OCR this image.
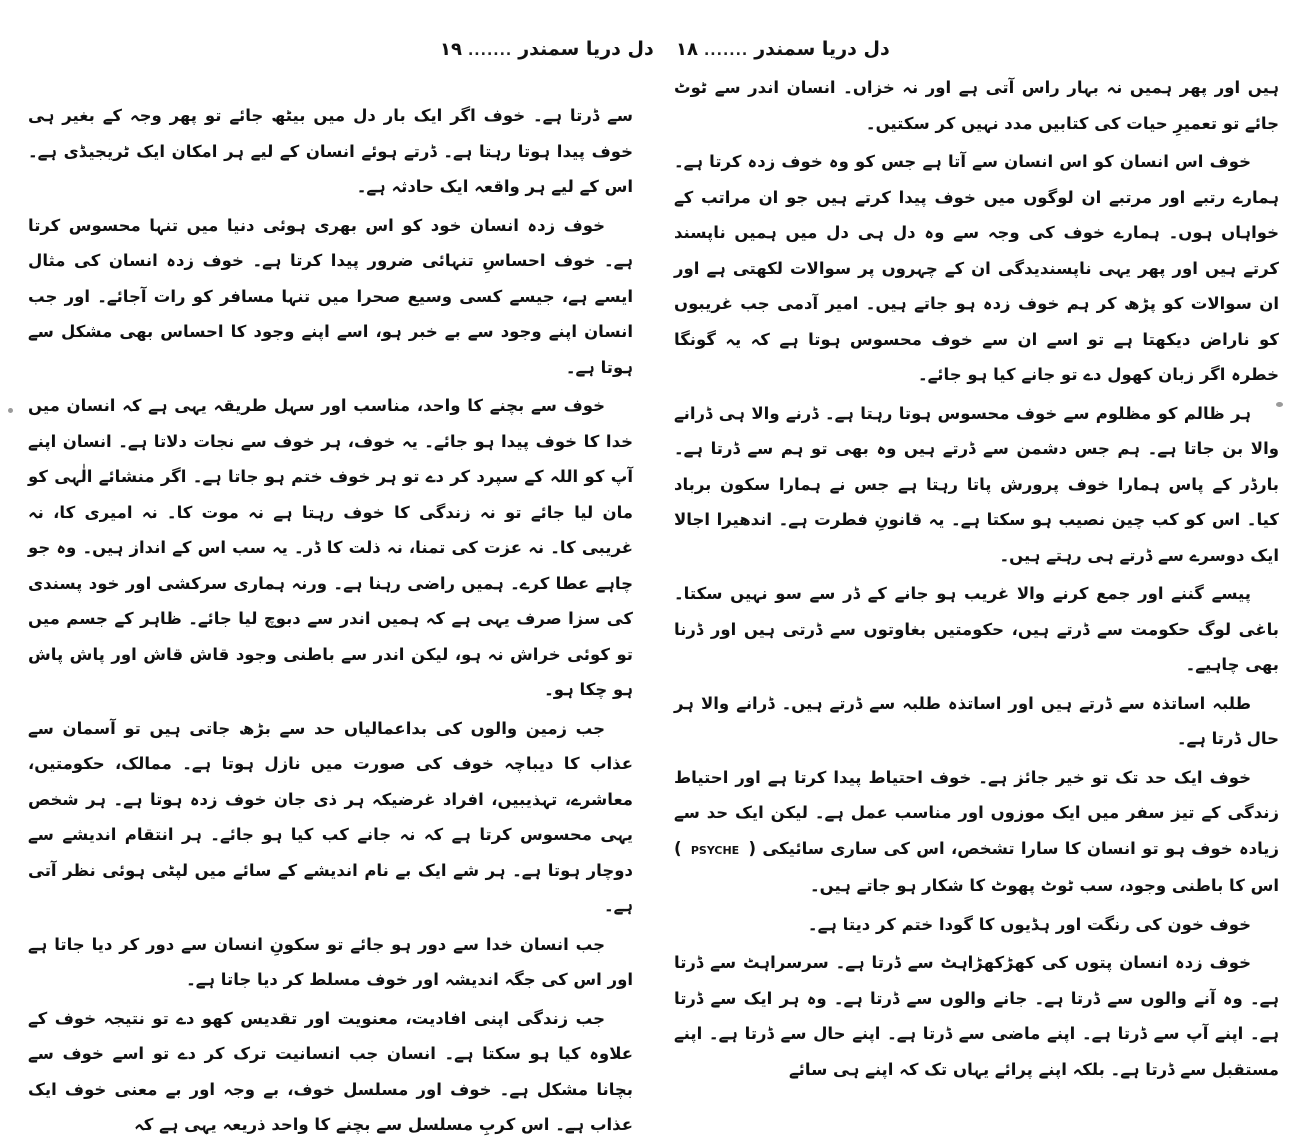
دل دریا سمندر
.......
۱۹

سے ڈرتا ہے۔ خوف اگر ایک بار دل میں بیٹھ جائے تو پھر وجہ کے بغیر ہی خوف پیدا ہوتا رہتا ہے۔ ڈرتے ہوئے انسان کے لیے ہر امکان ایک ٹریجیڈی ہے۔ اس کے لیے ہر واقعہ ایک حادثہ ہے۔

خوف زدہ انسان خود کو اس بھری ہوئی دنیا میں تنہا محسوس کرتا ہے۔ خوف احساسِ تنہائی ضرور پیدا کرتا ہے۔ خوف زدہ انسان کی مثال ایسے ہے، جیسے کسی وسیع صحرا میں تنہا مسافر کو رات آجائے۔ اور جب انسان اپنے وجود سے بے خبر ہو، اسے اپنے وجود کا احساس بھی مشکل سے ہوتا ہے۔

خوف سے بچنے کا واحد، مناسب اور سہل طریقہ یہی ہے کہ انسان میں خدا کا خوف پیدا ہو جائے۔ یہ خوف، ہر خوف سے نجات دلاتا ہے۔ انسان اپنے آپ کو اللہ کے سپرد کر دے تو ہر خوف ختم ہو جاتا ہے۔ اگر منشائے الٰہی کو مان لیا جائے تو نہ زندگی کا خوف رہتا ہے نہ موت کا۔ نہ امیری کا، نہ غریبی کا۔ نہ عزت کی تمنا، نہ ذلت کا ڈر۔ یہ سب اس کے انداز ہیں۔ وہ جو چاہے عطا کرے۔ ہمیں راضی رہنا ہے۔ ورنہ ہماری سرکشی اور خود پسندی کی سزا صرف یہی ہے کہ ہمیں اندر سے دبوچ لیا جائے۔ ظاہر کے جسم میں تو کوئی خراش نہ ہو، لیکن اندر سے باطنی وجود قاش قاش اور پاش پاش ہو چکا ہو۔

جب زمین والوں کی بداعمالیاں حد سے بڑھ جاتی ہیں تو آسمان سے عذاب کا دیباچہ خوف کی صورت میں نازل ہوتا ہے۔ ممالک، حکومتیں، معاشرے، تہذیبیں، افراد غرضیکہ ہر ذی جان خوف زدہ ہوتا ہے۔ ہر شخص یہی محسوس کرتا ہے کہ نہ جانے کب کیا ہو جائے۔ ہر انتقام اندیشے سے دوچار ہوتا ہے۔ ہر شے ایک بے نام اندیشے کے سائے میں لپٹی ہوئی نظر آتی ہے۔

جب انسان خدا سے دور ہو جائے تو سکونِ انسان سے دور کر دیا جاتا ہے اور اس کی جگہ اندیشہ اور خوف مسلط کر دیا جاتا ہے۔

جب زندگی اپنی افادیت، معنویت اور تقدیس کھو دے تو نتیجہ خوف کے علاوہ کیا ہو سکتا ہے۔ انسان جب انسانیت ترک کر دے تو اسے خوف سے بچانا مشکل ہے۔ خوف اور مسلسل خوف، بے وجہ اور بے معنی خوف ایک عذاب ہے۔ اس کربِ مسلسل سے بچنے کا واحد ذریعہ یہی ہے کہ

دل دریا سمندر
.......
۱۸

ہیں اور پھر ہمیں نہ بہار راس آتی ہے اور نہ خزاں۔ انسان اندر سے ٹوٹ جائے تو تعمیرِ حیات کی کتابیں مدد نہیں کر سکتیں۔

خوف اس انسان کو اس انسان سے آتا ہے جس کو وہ خوف زدہ کرتا ہے۔ ہمارے رتبے اور مرتبے ان لوگوں میں خوف پیدا کرتے ہیں جو ان مراتب کے خواہاں ہوں۔ ہمارے خوف کی وجہ سے وہ دل ہی دل میں ہمیں ناپسند کرتے ہیں اور پھر یہی ناپسندیدگی ان کے چہروں پر سوالات لکھتی ہے اور ان سوالات کو پڑھ کر ہم خوف زدہ ہو جاتے ہیں۔ امیر آدمی جب غریبوں کو ناراض دیکھتا ہے تو اسے ان سے خوف محسوس ہوتا ہے کہ یہ گونگا خطرہ اگر زبان کھول دے تو جانے کیا ہو جائے۔

ہر ظالم کو مظلوم سے خوف محسوس ہوتا رہتا ہے۔ ڈرنے والا ہی ڈرانے والا بن جاتا ہے۔ ہم جس دشمن سے ڈرتے ہیں وہ بھی تو ہم سے ڈرتا ہے۔ بارڈر کے پاس ہمارا خوف پرورش پاتا رہتا ہے جس نے ہمارا سکون برباد کیا۔ اس کو کب چین نصیب ہو سکتا ہے۔ یہ قانونِ فطرت ہے۔ اندھیرا اجالا ایک دوسرے سے ڈرتے ہی رہتے ہیں۔

پیسے گننے اور جمع کرنے والا غریب ہو جانے کے ڈر سے سو نہیں سکتا۔ باغی لوگ حکومت سے ڈرتے ہیں، حکومتیں بغاوتوں سے ڈرتی ہیں اور ڈرنا بھی چاہیے۔

طلبہ اساتذہ سے ڈرتے ہیں اور اساتذہ طلبہ سے ڈرتے ہیں۔ ڈرانے والا ہر حال ڈرتا ہے۔

خوف ایک حد تک تو خیر جائز ہے۔ خوف احتیاط پیدا کرتا ہے اور احتیاط زندگی کے تیز سفر میں ایک موزوں اور مناسب عمل ہے۔ لیکن ایک حد سے زیادہ خوف ہو تو انسان کا سارا تشخص، اس کی ساری سائیکی ( PSYCHE ) اس کا باطنی وجود، سب ٹوٹ پھوٹ کا شکار ہو جاتے ہیں۔

خوف خون کی رنگت اور ہڈیوں کا گودا ختم کر دیتا ہے۔

خوف زدہ انسان پتوں کی کھڑکھڑاہٹ سے ڈرتا ہے۔ سرسراہٹ سے ڈرتا ہے۔ وہ آنے والوں سے ڈرتا ہے۔ جانے والوں سے ڈرتا ہے۔ وہ ہر ایک سے ڈرتا ہے۔ اپنے آپ سے ڈرتا ہے۔ اپنے ماضی سے ڈرتا ہے۔ اپنے حال سے ڈرتا ہے۔ اپنے مستقبل سے ڈرتا ہے۔ بلکہ اپنے پرائے یہاں تک کہ اپنے ہی سائے
